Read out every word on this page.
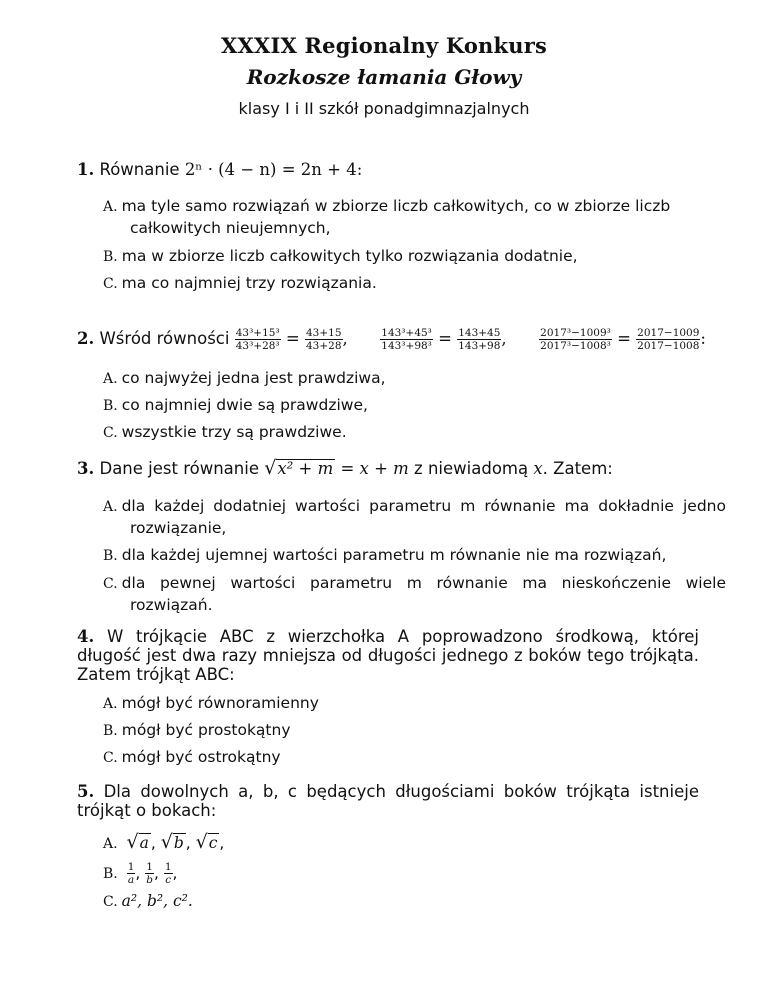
XXXIX Regionalny Konkurs
Rozkosze łamania Głowy
klasy I i II szkół ponadgimnazjalnych
1. Równanie 2ⁿ · (4 − n) = 2n + 4:
A. ma tyle samo rozwiązań w zbiorze liczb całkowitych, co w zbiorze liczb całkowitych nieujemnych,
B. ma w zbiorze liczb całkowitych tylko rozwiązania dodatnie,
C. ma co najmniej trzy rozwiązania.
2. Wśród równości $\frac{\text{43³+15³}}{\text{43³+28³}} = \frac{43+15}{43+28}$ ,	$\frac{\text{143³+45³}}{\text{143³+98³}} = \frac{143+45}{143+98}$ ,	$\frac{\text{2017³−1009³}}{\text{2017³−1008³}} = \frac{2017-1009}{2017-1008}$ :
A. co najwyżej jedna jest prawdziwa,
B. co najmniej dwie są prawdziwe,
C. wszystkie trzy są prawdziwe.
3. Dane jest równanie √x² + m = x + m z niewiadomą x. Zatem:
A. dla każdej dodatniej wartości parametru m równanie ma dokładnie jedno rozwiązanie,
B. dla każdej ujemnej wartości parametru m równanie nie ma rozwiązań,
C. dla pewnej wartości parametru m równanie ma nieskończenie wiele rozwiązań.
4. W trójkącie ABC z wierzchołka A poprowadzono środkową, której długość jest dwa razy mniejsza od długości jednego z boków tego trójkąta. Zatem trójkąt ABC:
A. mógł być równoramienny
B. mógł być prostokątny
C. mógł być ostrokątny
5. Dla dowolnych a, b, c będących długościami boków trójkąta istnieje trójkąt o bokach:
A. √a , √b , √c ,
B. $\frac{1}{a}$ , $\frac{1}{b}$ , $\frac{1}{c}$ ,
C. a², b², c².
